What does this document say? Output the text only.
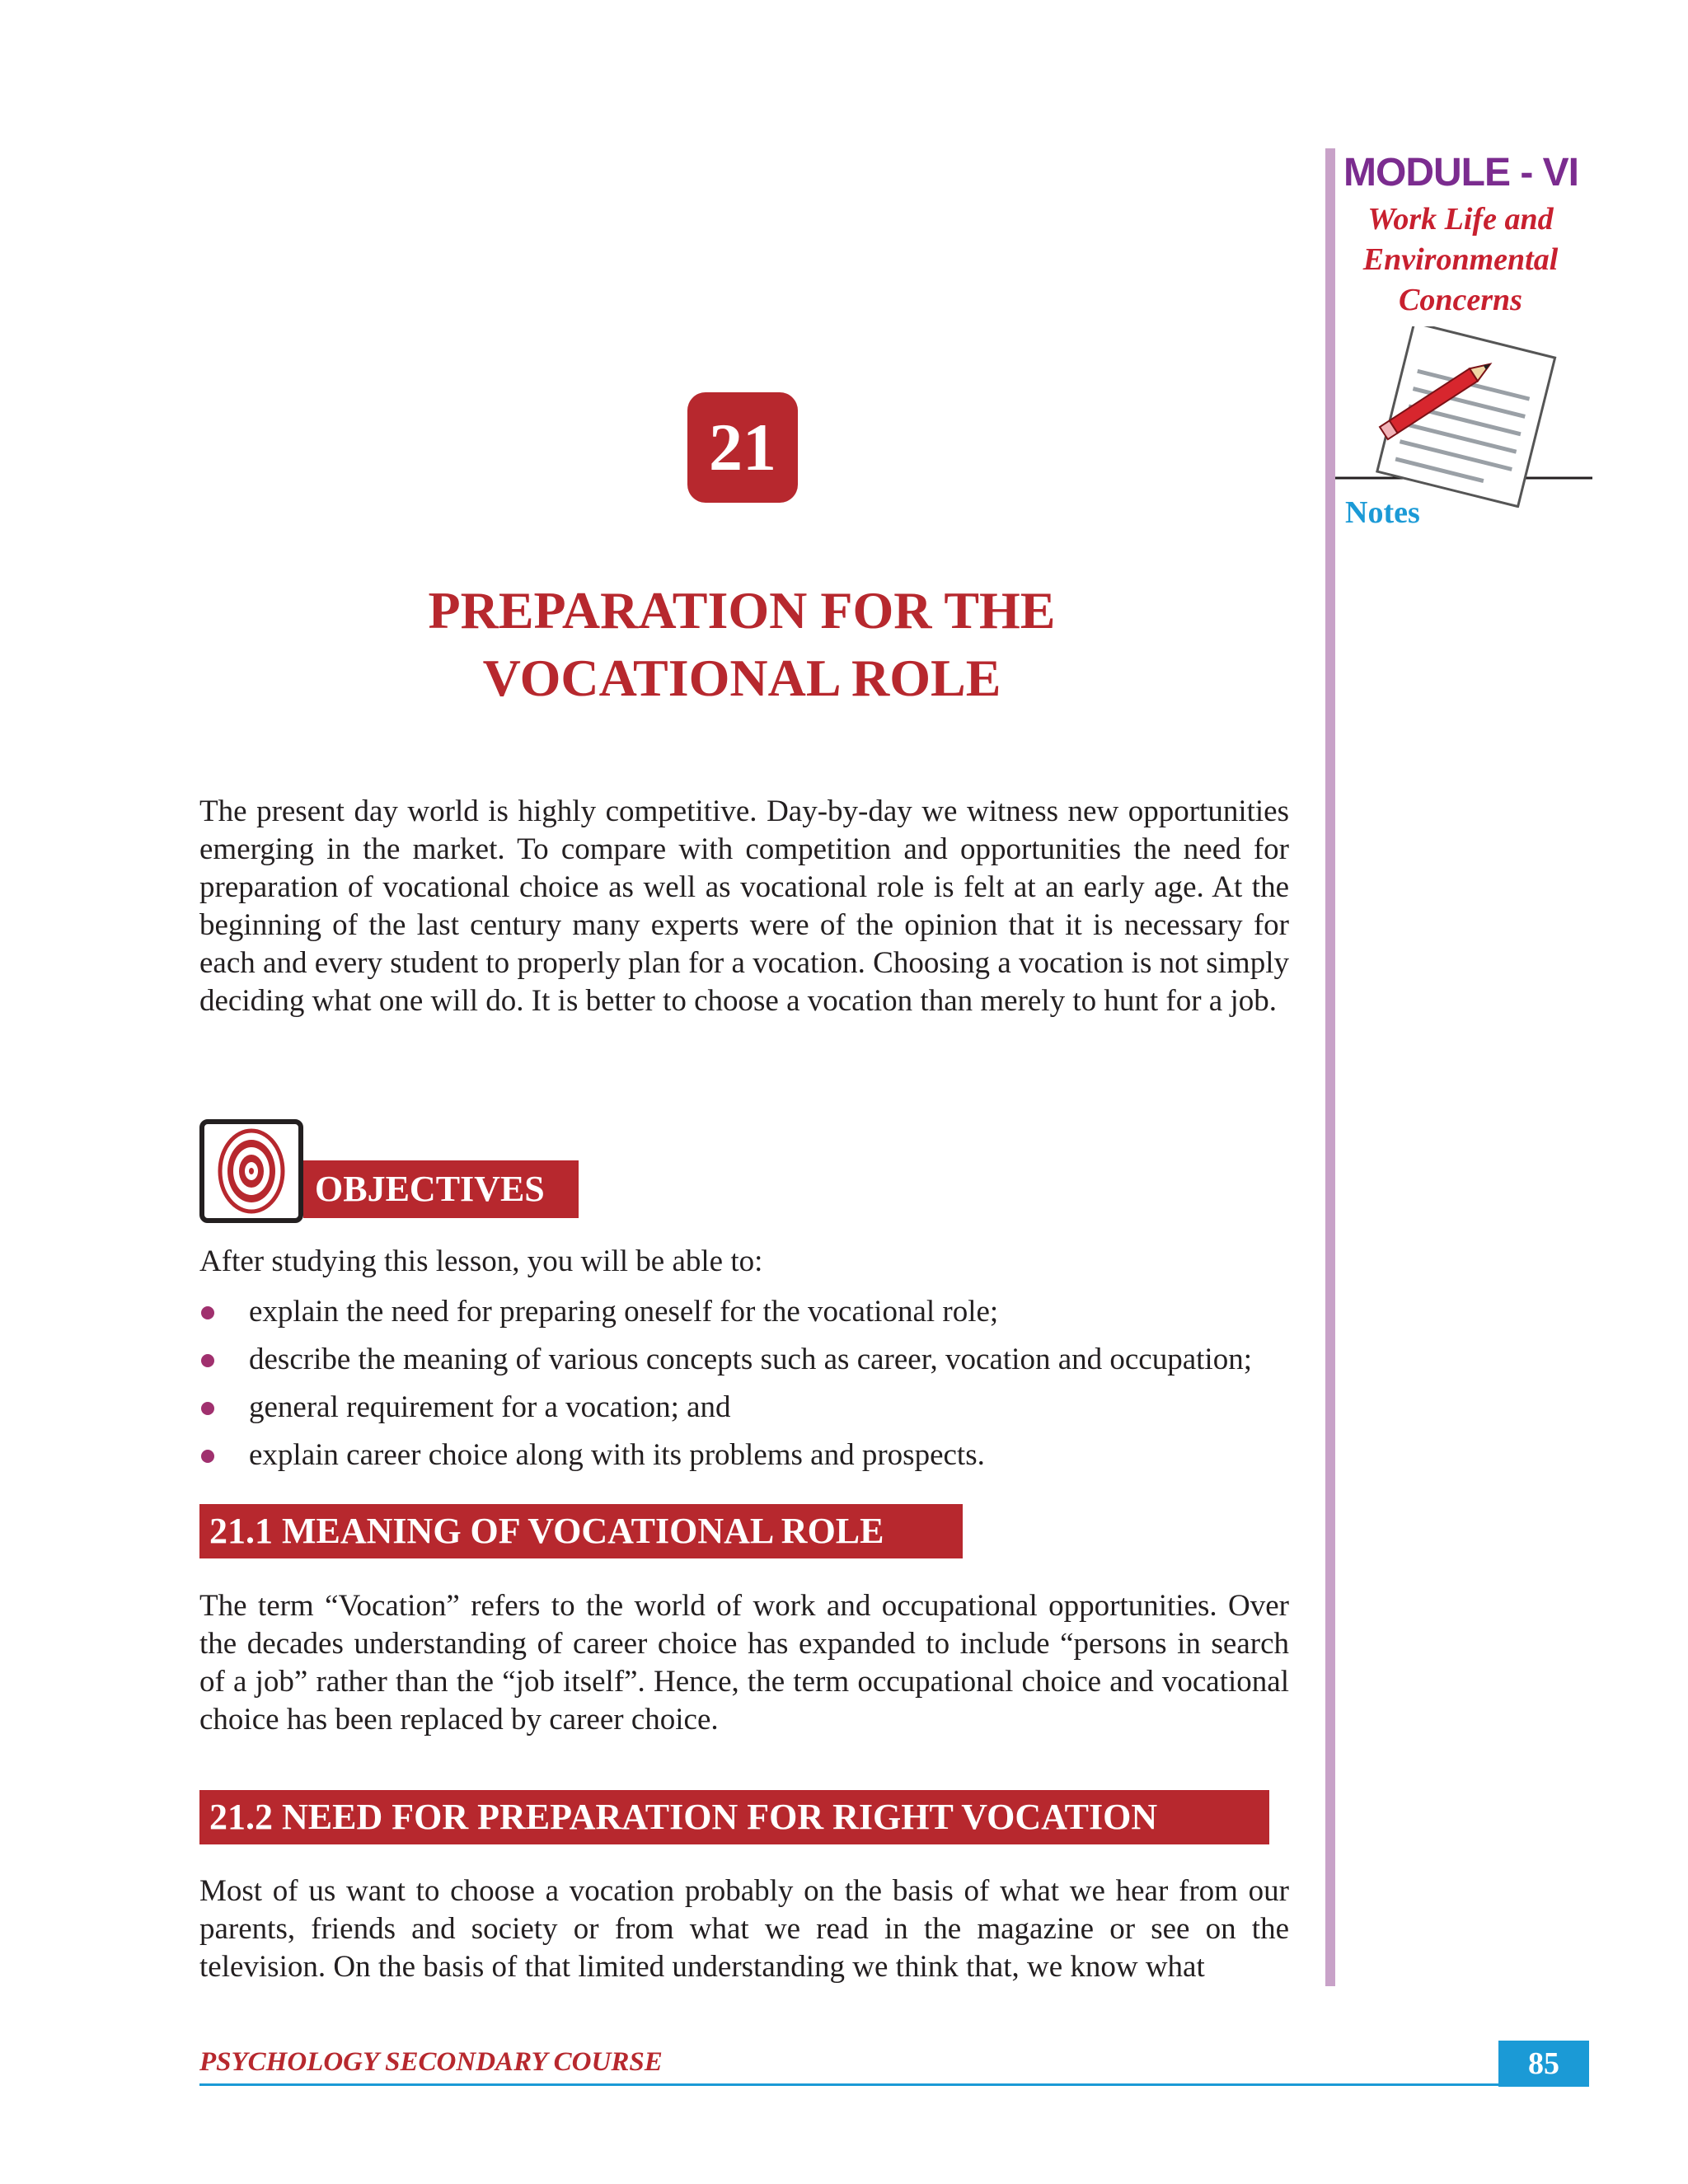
MODULE - VI
Work Life and
Environmental
Concerns
Notes
21
PREPARATION FOR THE
VOCATIONAL ROLE
The present day world is highly competitive. Day-by-day we witness new opportunities emerging in the market. To compare with competition and opportunities the need for preparation of vocational choice as well as vocational role is felt at an early age. At the beginning of the last century many experts were of the opinion that it is necessary for each and every student to properly plan for a vocation. Choosing a vocation is not simply deciding what one will do. It is better to choose a vocation than merely to hunt for a job.
OBJECTIVES
After studying this lesson, you will be able to:
explain the need for preparing oneself for the vocational role;
describe the meaning of various concepts such as career, vocation and occupation;
general requirement for a vocation; and
explain career choice along with its problems and prospects.
21.1 MEANING OF VOCATIONAL ROLE
The term “Vocation” refers to the world of work and occupational opportunities. Over the decades understanding of career choice has expanded to include “persons in search of a job” rather than the “job itself”. Hence, the term occupational choice and vocational choice has been replaced by career choice.
21.2 NEED FOR PREPARATION FOR RIGHT VOCATION
Most of us want to choose a vocation probably on the basis of what we hear from our parents, friends and society or from what we read in the magazine or see on the television. On the basis of that limited understanding we think that, we know what
PSYCHOLOGY SECONDARY COURSE	85
